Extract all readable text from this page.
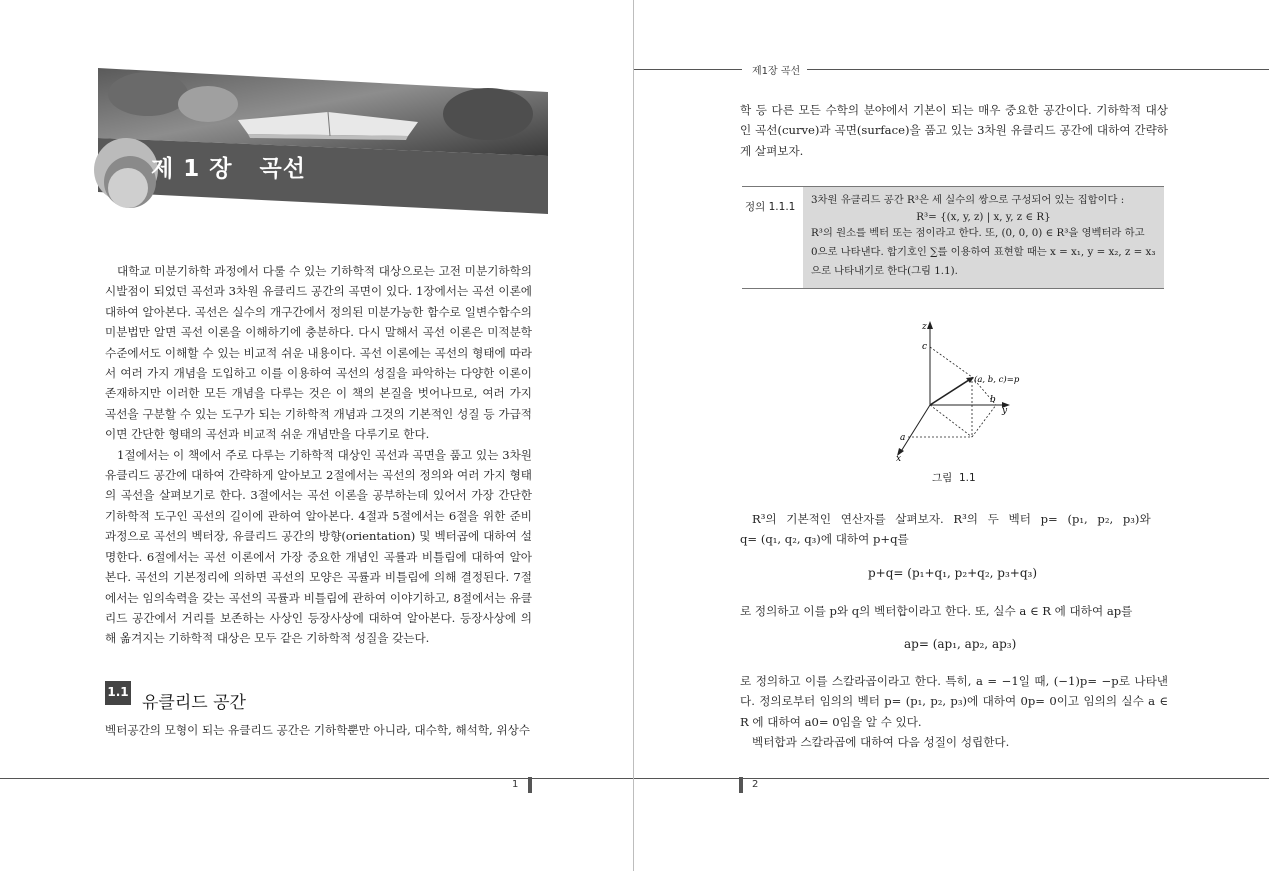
제 1 장   곡선

대학교 미분기하학 과정에서 다룰 수 있는 기하학적 대상으로는 고전 미분기하학의 시발점이 되었던 곡선과 3차원 유클리드 공간의 곡면이 있다. 1장에서는 곡선 이론에 대하여 알아본다. 곡선은 실수의 개구간에서 정의된 미분가능한 함수로 일변수함수의 미분법만 알면 곡선 이론을 이해하기에 충분하다. 다시 말해서 곡선 이론은 미적분학 수준에서도 이해할 수 있는 비교적 쉬운 내용이다. 곡선 이론에는 곡선의 형태에 따라서 여러 가지 개념을 도입하고 이를 이용하여 곡선의 성질을 파악하는 다양한 이론이 존재하지만 이러한 모든 개념을 다루는 것은 이 책의 본질을 벗어나므로, 여러 가지 곡선을 구분할 수 있는 도구가 되는 기하학적 개념과 그것의 기본적인 성질 등 가급적이면 간단한 형태의 곡선과 비교적 쉬운 개념만을 다루기로 한다.

1절에서는 이 책에서 주로 다루는 기하학적 대상인 곡선과 곡면을 품고 있는 3차원 유클리드 공간에 대하여 간략하게 알아보고 2절에서는 곡선의 정의와 여러 가지 형태의 곡선을 살펴보기로 한다. 3절에서는 곡선 이론을 공부하는데 있어서 가장 간단한 기하학적 도구인 곡선의 길이에 관하여 알아본다. 4절과 5절에서는 6절을 위한 준비 과정으로 곡선의 벡터장, 유클리드 공간의 방향(orientation) 및 벡터곱에 대하여 설명한다. 6절에서는 곡선 이론에서 가장 중요한 개념인 곡률과 비틀림에 대하여 알아본다. 곡선의 기본정리에 의하면 곡선의 모양은 곡률과 비틀림에 의해 결정된다. 7절에서는 임의속력을 갖는 곡선의 곡률과 비틀림에 관하여 이야기하고, 8절에서는 유클리드 공간에서 거리를 보존하는 사상인 등장사상에 대하여 알아본다. 등장사상에 의해 옮겨지는 기하학적 대상은 모두 같은 기하학적 성질을 갖는다.

1.1
유클리드 공간
벡터공간의 모형이 되는 유클리드 공간은 기하학뿐만 아니라, 대수학, 해석학, 위상수
1
제1장 곡선
학 등 다른 모든 수학의 분야에서 기본이 되는 매우 중요한 공간이다. 기하학적 대상인 곡선(curve)과 곡면(surface)을 품고 있는 3차원 유클리드 공간에 대하여 간략하게 살펴보자.
정의 1.1.1
3차원 유클리드 공간 R³은 세 실수의 쌍으로 구성되어 있는 집합이다 :
R³= {(x, y, z) | x, y, z ∈ R}
R³의 원소를 벡터 또는 점이라고 한다. 또, (0, 0, 0) ∈ R³을 영벡터라 하고
0으로 나타낸다. 합기호인 ∑를 이용하여 표현할 때는 x = x₁, y = x₂, z = x₃
으로 나타내기로 한다(그림 1.1).
z
c
(a, b, c)=p
b
y
a
x
그림  1.1
R³의 기본적인 연산자를 살펴보자. R³의 두 벡터 p= (p₁, p₂, p₃)와
q= (q₁, q₂, q₃)에 대하여 p+q를
p+q= (p₁+q₁, p₂+q₂, p₃+q₃)
로 정의하고 이를 p와 q의 벡터합이라고 한다. 또, 실수 a ∈ R 에 대하여 ap를
ap= (ap₁, ap₂, ap₃)
로 정의하고 이를 스칼라곱이라고 한다. 특히, a = −1일 때, (−1)p= −p로 나타낸다. 정의로부터 임의의 벡터 p= (p₁, p₂, p₃)에 대하여 0p= 0이고 임의의 실수 a ∈ R 에 대하여 a0= 0임을 알 수 있다.
벡터합과 스칼라곱에 대하여 다음 성질이 성립한다.
2
